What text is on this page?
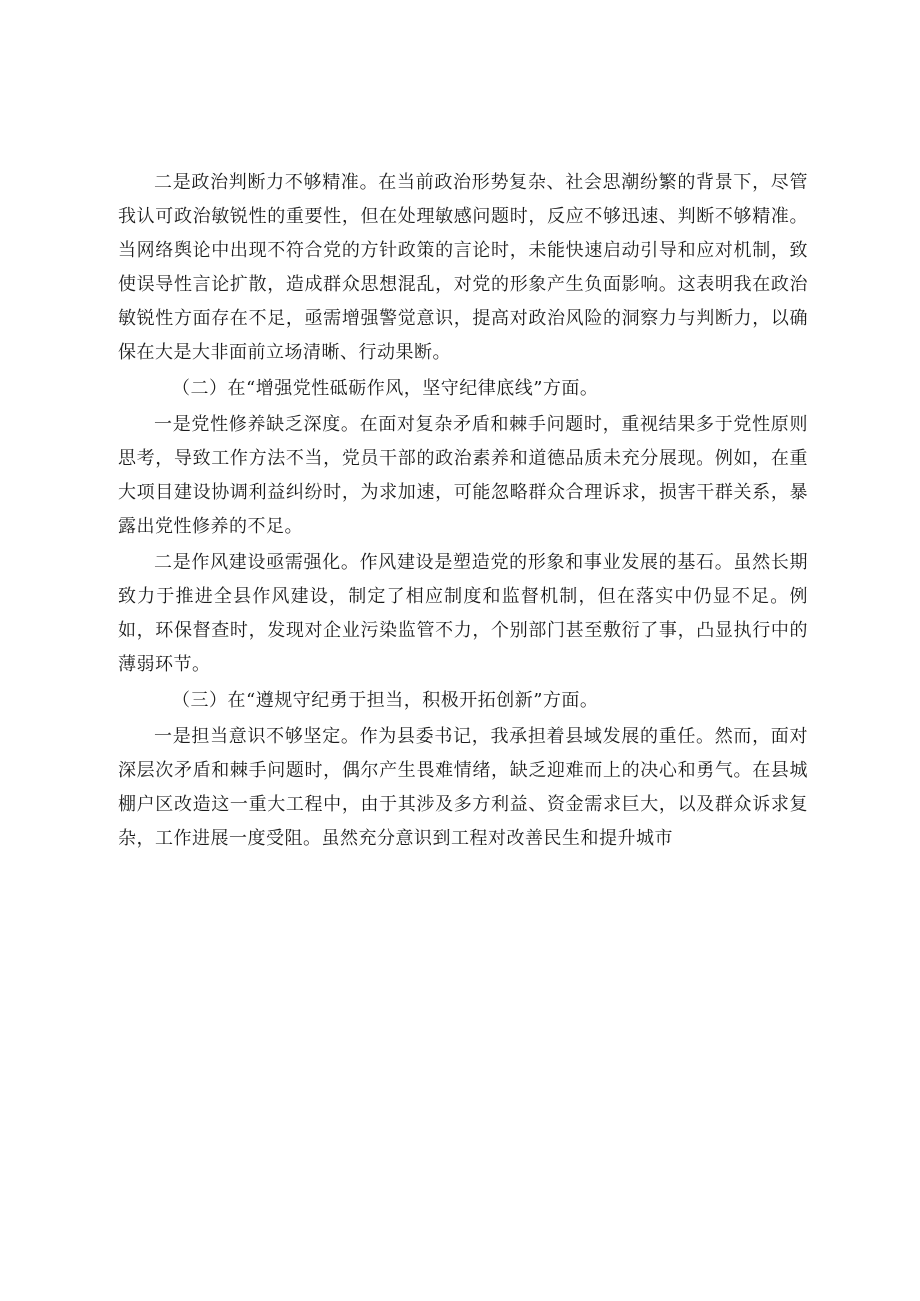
二是政治判断力不够精准。在当前政治形势复杂、社会思潮纷繁的背景下，尽管我认可政治敏锐性的重要性，但在处理敏感问题时，反应不够迅速、判断不够精准。当网络舆论中出现不符合党的方针政策的言论时，未能快速启动引导和应对机制，致使误导性言论扩散，造成群众思想混乱，对党的形象产生负面影响。这表明我在政治敏锐性方面存在不足，亟需增强警觉意识，提高对政治风险的洞察力与判断力，以确保在大是大非面前立场清晰、行动果断。

（二）在“增强党性砥砺作风，坚守纪律底线”方面。

一是党性修养缺乏深度。在面对复杂矛盾和棘手问题时，重视结果多于党性原则思考，导致工作方法不当，党员干部的政治素养和道德品质未充分展现。例如，在重大项目建设协调利益纠纷时，为求加速，可能忽略群众合理诉求，损害干群关系，暴露出党性修养的不足。

二是作风建设亟需强化。作风建设是塑造党的形象和事业发展的基石。虽然长期致力于推进全县作风建设，制定了相应制度和监督机制，但在落实中仍显不足。例如，环保督查时，发现对企业污染监管不力，个别部门甚至敷衍了事，凸显执行中的薄弱环节。

（三）在“遵规守纪勇于担当，积极开拓创新”方面。

一是担当意识不够坚定。作为县委书记，我承担着县域发展的重任。然而，面对深层次矛盾和棘手问题时，偶尔产生畏难情绪，缺乏迎难而上的决心和勇气。在县城棚户区改造这一重大工程中，由于其涉及多方利益、资金需求巨大，以及群众诉求复杂，工作进展一度受阻。虽然充分意识到工程对改善民生和提升城市
